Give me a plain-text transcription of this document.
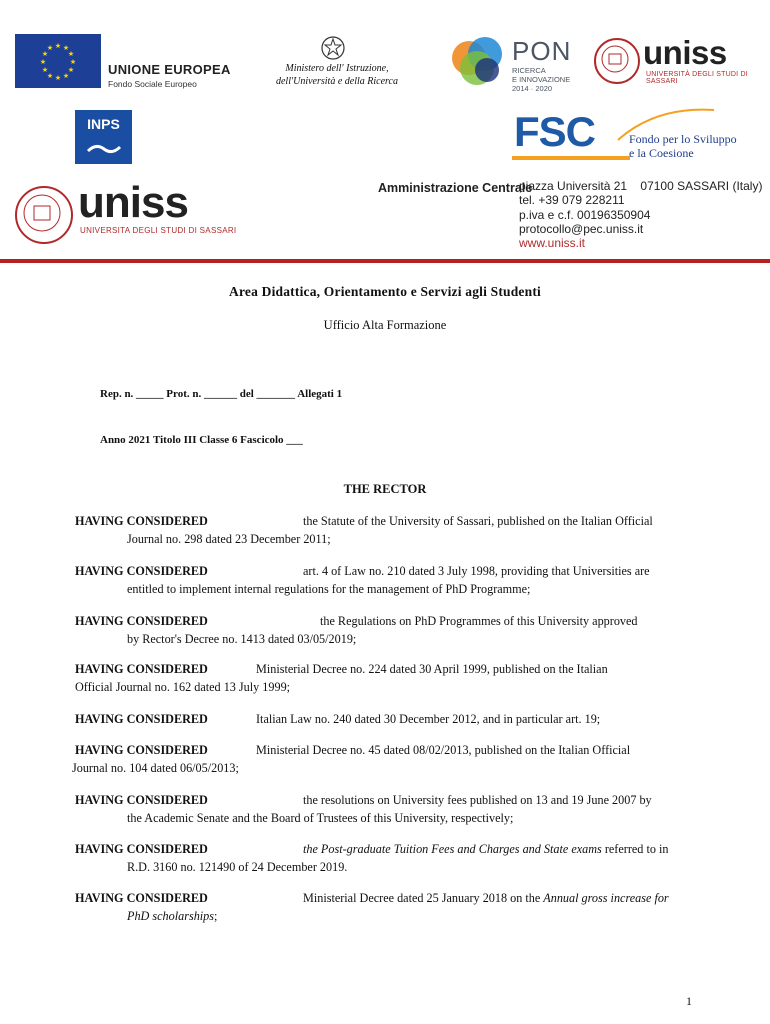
★ ★
★
★
★
★
★
★
★
★
★
★
UNIONE EUROPEA
Fondo Sociale Europeo
Ministero dell' Istruzione,
dell'Università e della Ricerca
PON
RICERCA
E INNOVAZIONE
2014 · 2020
uniss
UNIVERSITÀ DEGLI STUDI DI SASSARI
INPS	FSC	Fondo per lo Sviluppo
e la Coesione
uniss
UNIVERSITA DEGLI STUDI DI SASSARI
Amministrazione Centrale
piazza Università 21    07100 SASSARI (Italy)
tel. +39 079 228211
p.iva e c.f. 00196350904
protocollo@pec.uniss.it
www.uniss.it
Area Didattica, Orientamento e Servizi agli Studenti
Ufficio Alta Formazione
Rep. n. _____ Prot. n. ______ del _______ Allegati 1
Anno 2021 Titolo III Classe 6 Fascicolo ___
THE RECTOR
HAVING CONSIDERED	the Statute of the University of Sassari, published on the Italian Official
Journal no. 298 dated 23 December 2011;
HAVING CONSIDERED	art. 4 of Law no. 210 dated 3 July 1998, providing that Universities are
entitled to implement internal regulations for the management of PhD Programme;
HAVING CONSIDERED	the Regulations on PhD Programmes of this University approved
by Rector's Decree no. 1413 dated 03/05/2019;
HAVING CONSIDERED	Ministerial Decree no. 224 dated 30 April 1999, published on the Italian
Official Journal no. 162 dated 13 July 1999;
HAVING CONSIDERED	Italian Law no. 240 dated 30 December 2012, and in particular art. 19;
HAVING CONSIDERED	Ministerial Decree no. 45 dated 08/02/2013, published on the Italian Official
Journal no. 104 dated 06/05/2013;
HAVING CONSIDERED	the resolutions on University fees published on 13 and 19 June 2007 by
the Academic Senate and the Board of Trustees of this University, respectively;
HAVING CONSIDERED	the Post-graduate Tuition Fees and Charges and State exams referred to in
R.D. 3160 no. 121490 of 24 December 2019.
HAVING CONSIDERED	Ministerial Decree dated 25 January 2018 on the Annual gross increase for
PhD scholarships;
1
